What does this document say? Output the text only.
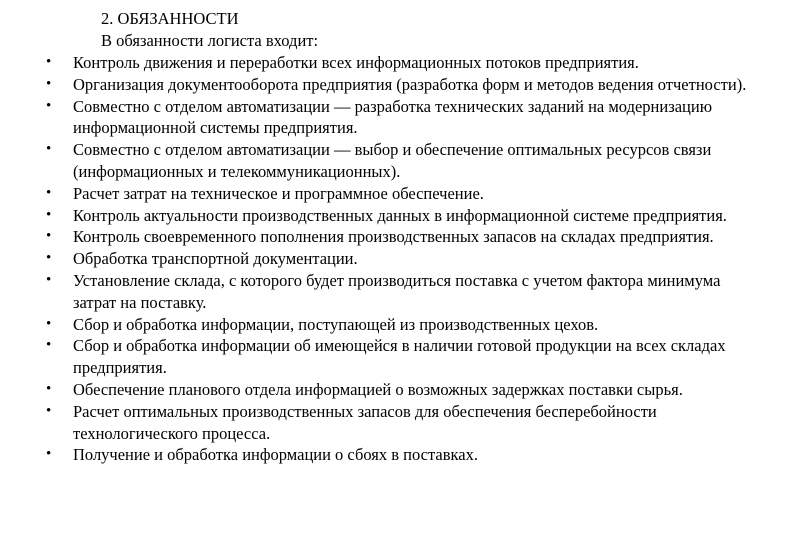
2. ОБЯЗАННОСТИ

В обязанности логиста входит:

• Контроль движения и переработки всех информационных потоков предприятия.
• Организация документооборота предприятия (разработка форм и методов ведения отчетности).
• Совместно с отделом автоматизации — разработка технических заданий на модернизацию информационной системы предприятия.
• Совместно с отделом автоматизации — выбор и обеспечение оптимальных ресурсов связи (информационных и телекоммуникационных).
• Расчет затрат на техническое и программное обеспечение.
• Контроль актуальности производственных данных в информационной системе предприятия.
• Контроль своевременного пополнения производственных запасов на складах предприятия.
• Обработка транспортной документации.
• Установление склада, с которого будет производиться поставка с учетом фактора минимума затрат на поставку.
• Сбор и обработка информации, поступающей из производственных цехов.
• Сбор и обработка информации об имеющейся в наличии готовой продукции на всех складах предприятия.
• Обеспечение планового отдела информацией о возможных задержках поставки сырья.
• Расчет оптимальных производственных запасов для обеспечения бесперебойности технологического процесса.
• Получение и обработка информации о сбоях в поставках.
